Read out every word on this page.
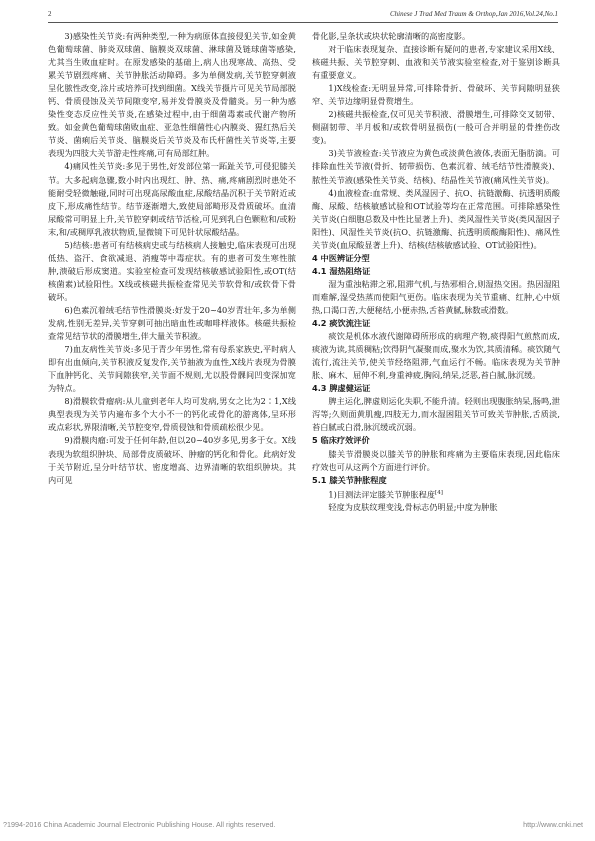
2	Chinese J Trad Med Traum & Orthop,Jan 2016,Vol.24,No.1

3)感染性关节炎:有两种类型,一种为病原体直接侵犯关节,如金黄色葡萄球菌、肺炎双球菌、脑膜炎双球菌、淋球菌及链球菌等感染,尤其当生败血症时。在原发感染的基础上,病人出现寒战、高热、受累关节剧烈疼痛、关节肿胀活动障碍。多为单侧发病,关节腔穿刺液呈化脓性改变,涂片或培养可找到细菌。X线关节摄片可见关节局部脱钙、骨质侵蚀及关节间隙变窄,易并发骨膜炎及骨髓炎。另一种为感染性变态反应性关节炎,在感染过程中,由于细菌毒素或代谢产物所致。如金黄色葡萄球菌败血症、亚急性细菌性心内膜炎、猩红热后关节炎、菌痢后关节炎、脑膜炎后关节炎及布氏杆菌性关节炎等,主要表现为四肢大关节游走性疼痛,可有局部红肿。

4)痛风性关节炎:多见于男性,好发部位第一跖趾关节,可侵犯膝关节。大多起病急骤,数小时内出现红、肿、热、痛,疼痛剧烈时患处不能耐受轻微触碰,同时可出现高尿酸血症,尿酸结晶沉积于关节附近或皮下,形成痛性结节。结节逐渐增大,致使局部畸形及骨质破坏。血清尿酸常可明显上升,关节腔穿刺或结节活检,可见到乳白色颗粒和/或粉末,和/或稠厚乳液状物质,显微镜下可见针状尿酸结晶。

5)结核:患者可有结核病史或与结核病人接触史,临床表现可出现低热、盗汗、食欲减退、消瘦等中毒症状。有的患者可发生寒性脓肿,溃破后形成窦道。实验室检查可发现结核敏感试验阳性,或OT(结核菌素)试验阳性。X线或核磁共振检查常见关节软骨和/或软骨下骨破坏。

6)色素沉着绒毛结节性滑膜炎:好发于20~40岁青壮年,多为单侧发病,性别无差异,关节穿刺可抽出暗血性或咖啡样液体。核磁共振检查常见结节状的滑膜增生,伴大量关节积液。

7)血友病性关节炎:多见于青少年男性,常有母系家族史,平时病人即有出血倾向,关节积液反复发作,关节抽液为血性,X线片表现为骨膜下血肿钙化、关节间隙狭窄,关节面不规则,尤以股骨髁间凹变深加宽为特点。

8)滑膜软骨瘤病:从儿童到老年人均可发病,男女之比为2∶1,X线典型表现为关节内遍布多个大小不一的钙化或骨化的游离体,呈环形或点彩状,界限清晰,关节腔变窄,骨质侵蚀和骨质疏松很少见。

9)滑膜肉瘤:可发于任何年龄,但以20~40岁多见,男多于女。X线表现为软组织肿块、局部骨皮质破坏、肿瘤的钙化和骨化。此病好发于关节附近,呈分叶结节状、密度增高、边界清晰的软组织肿块。其内可见

骨化影,呈条状或块状轮廓清晰的高密度影。

对于临床表现复杂、直接诊断有疑问的患者,专家建议采用X线、核磁共振、关节腔穿刺、血液和关节液实验室检查,对于鉴别诊断具有重要意义。

1)X线检查:无明显异常,可排除骨折、骨破坏、关节间隙明显狭窄、关节边缘明显骨赘增生。

2)核磁共振检查,仅可见关节积液、滑膜增生,可排除交叉韧带、侧副韧带、半月板和/或软骨明显损伤(一般可合并明显的骨挫伤改变)。

3)关节液检查:关节液应为黄色或淡黄色液体,表面无脂肪滴。可排除血性关节液(骨折、韧带损伤、色素沉着、绒毛结节性滑膜炎)、脓性关节液(感染性关节炎、结核)、结晶性关节液(痛风性关节炎)。

4)血液检查:血常规、类风湿因子、抗O、抗链激酶、抗透明质酸酶、尿酸、结核敏感试验和OT试验等均在正常范围。可排除感染性关节炎(白细胞总数及中性比显著上升)、类风湿性关节炎(类风湿因子阳性)、风湿性关节炎(抗O、抗链激酶、抗透明质酸酶阳性)、痛风性关节炎(血尿酸显著上升)、结核(结核敏感试验、OT试验阳性)。

4 中医辨证分型
4.1 湿热阻络证

湿为重浊粘滞之邪,阻滞气机,与热邪相合,则湿热交困。热因湿阻而难解,湿受热蒸而使阳气更伤。临床表现为关节重痛、红肿,心中烦热,口渴口苦,大便秘结,小便赤热,舌苔黄腻,脉数或滑数。

4.2 痰饮流注证

痰饮是机体水液代谢障碍所形成的病理产物,痰得阳气煎熬而成,痰液为读,其质稠粘;饮得阴气凝聚而成,聚水为饮,其质清稀。痰饮随气流行,流注关节,使关节经络阻滞,气血运行不畅。临床表现为关节肿胀、麻木、屈伸不利,身重神疲,胸闷,纳呆,泛恶,苔白腻,脉沉缓。

4.3 脾虚健运证

脾主运化,脾虚则运化失职,不能升清。轻则出现腹胀纳呆,肠鸣,泄泻等;久则面黄肌瘦,四肢无力,而水湿困阻关节可致关节肿胀,舌质淡,苔白腻或白滑,脉沉缓或沉弱。

5 临床疗效评价

膝关节滑膜炎以膝关节的肿胀和疼痛为主要临床表现,因此临床疗效也可从这两个方面进行评价。

5.1 膝关节肿胀程度

1)目测法评定膝关节肿胀程度[4]

轻度为皮肤纹理变浅,骨标志仍明显;中度为肿胀

?1994-2016 China Academic Journal Electronic Publishing House. All rights reserved.	http://www.cnki.net
